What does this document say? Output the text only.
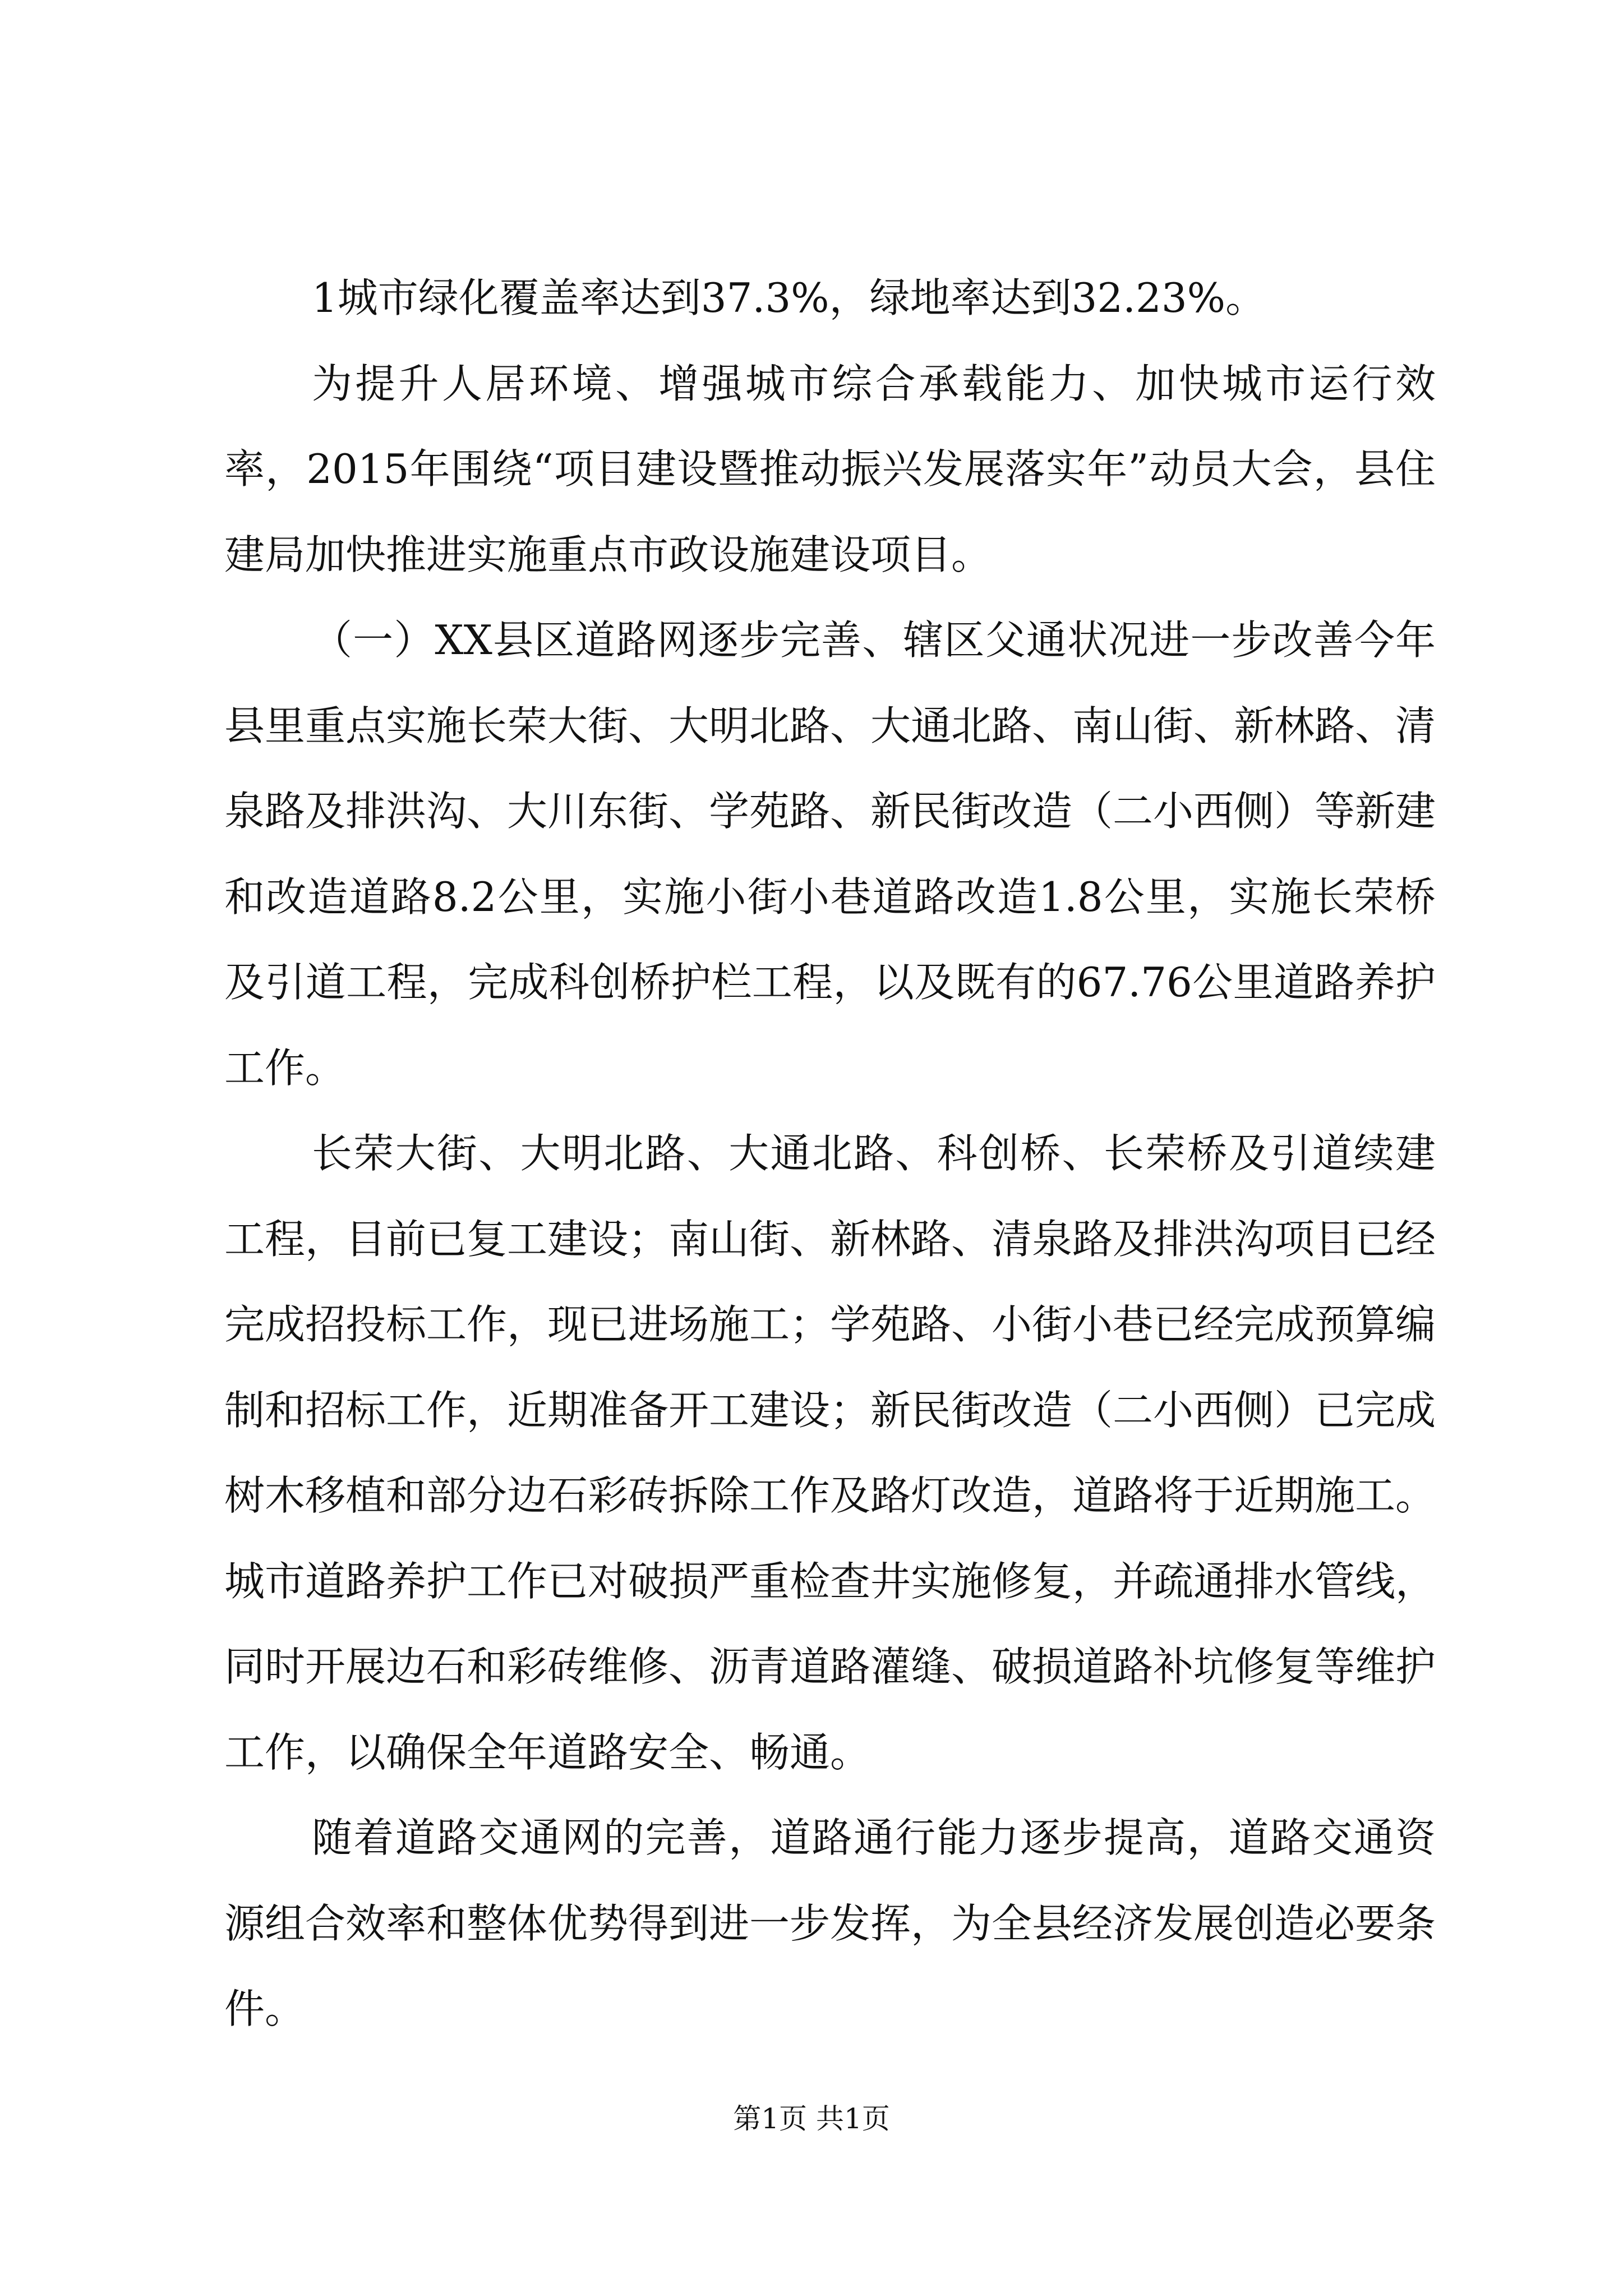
1城市绿化覆盖率达到37.3%，绿地率达到32.23%。

为提升人居环境、增强城市综合承载能力、加快城市运行效率，2015年围绕“项目建设暨推动振兴发展落实年”动员大会，县住建局加快推进实施重点市政设施建设项目。

（一）XX县区道路网逐步完善、辖区父通状况进一步改善今年县里重点实施长荣大街、大明北路、大通北路、南山街、新林路、清泉路及排洪沟、大川东街、学苑路、新民街改造（二小西侧）等新建和改造道路8.2公里，实施小街小巷道路改造1.8公里，实施长荣桥及引道工程，完成科创桥护栏工程，以及既有的67.76公里道路养护工作。

长荣大街、大明北路、大通北路、科创桥、长荣桥及引道续建工程，目前已复工建设；南山街、新林路、清泉路及排洪沟项目已经完成招投标工作，现已进场施工；学苑路、小街小巷已经完成预算编制和招标工作，近期准备开工建设；新民街改造（二小西侧）已完成树木移植和部分边石彩砖拆除工作及路灯改造，道路将于近期施工。城市道路养护工作已对破损严重检查井实施修复，并疏通排水管线，同时开展边石和彩砖维修、沥青道路灌缝、破损道路补坑修复等维护工作，以确保全年道路安全、畅通。

随着道路交通网的完善，道路通行能力逐步提高，道路交通资源组合效率和整体优势得到进一步发挥，为全县经济发展创造必要条件。

第1页 共1页
